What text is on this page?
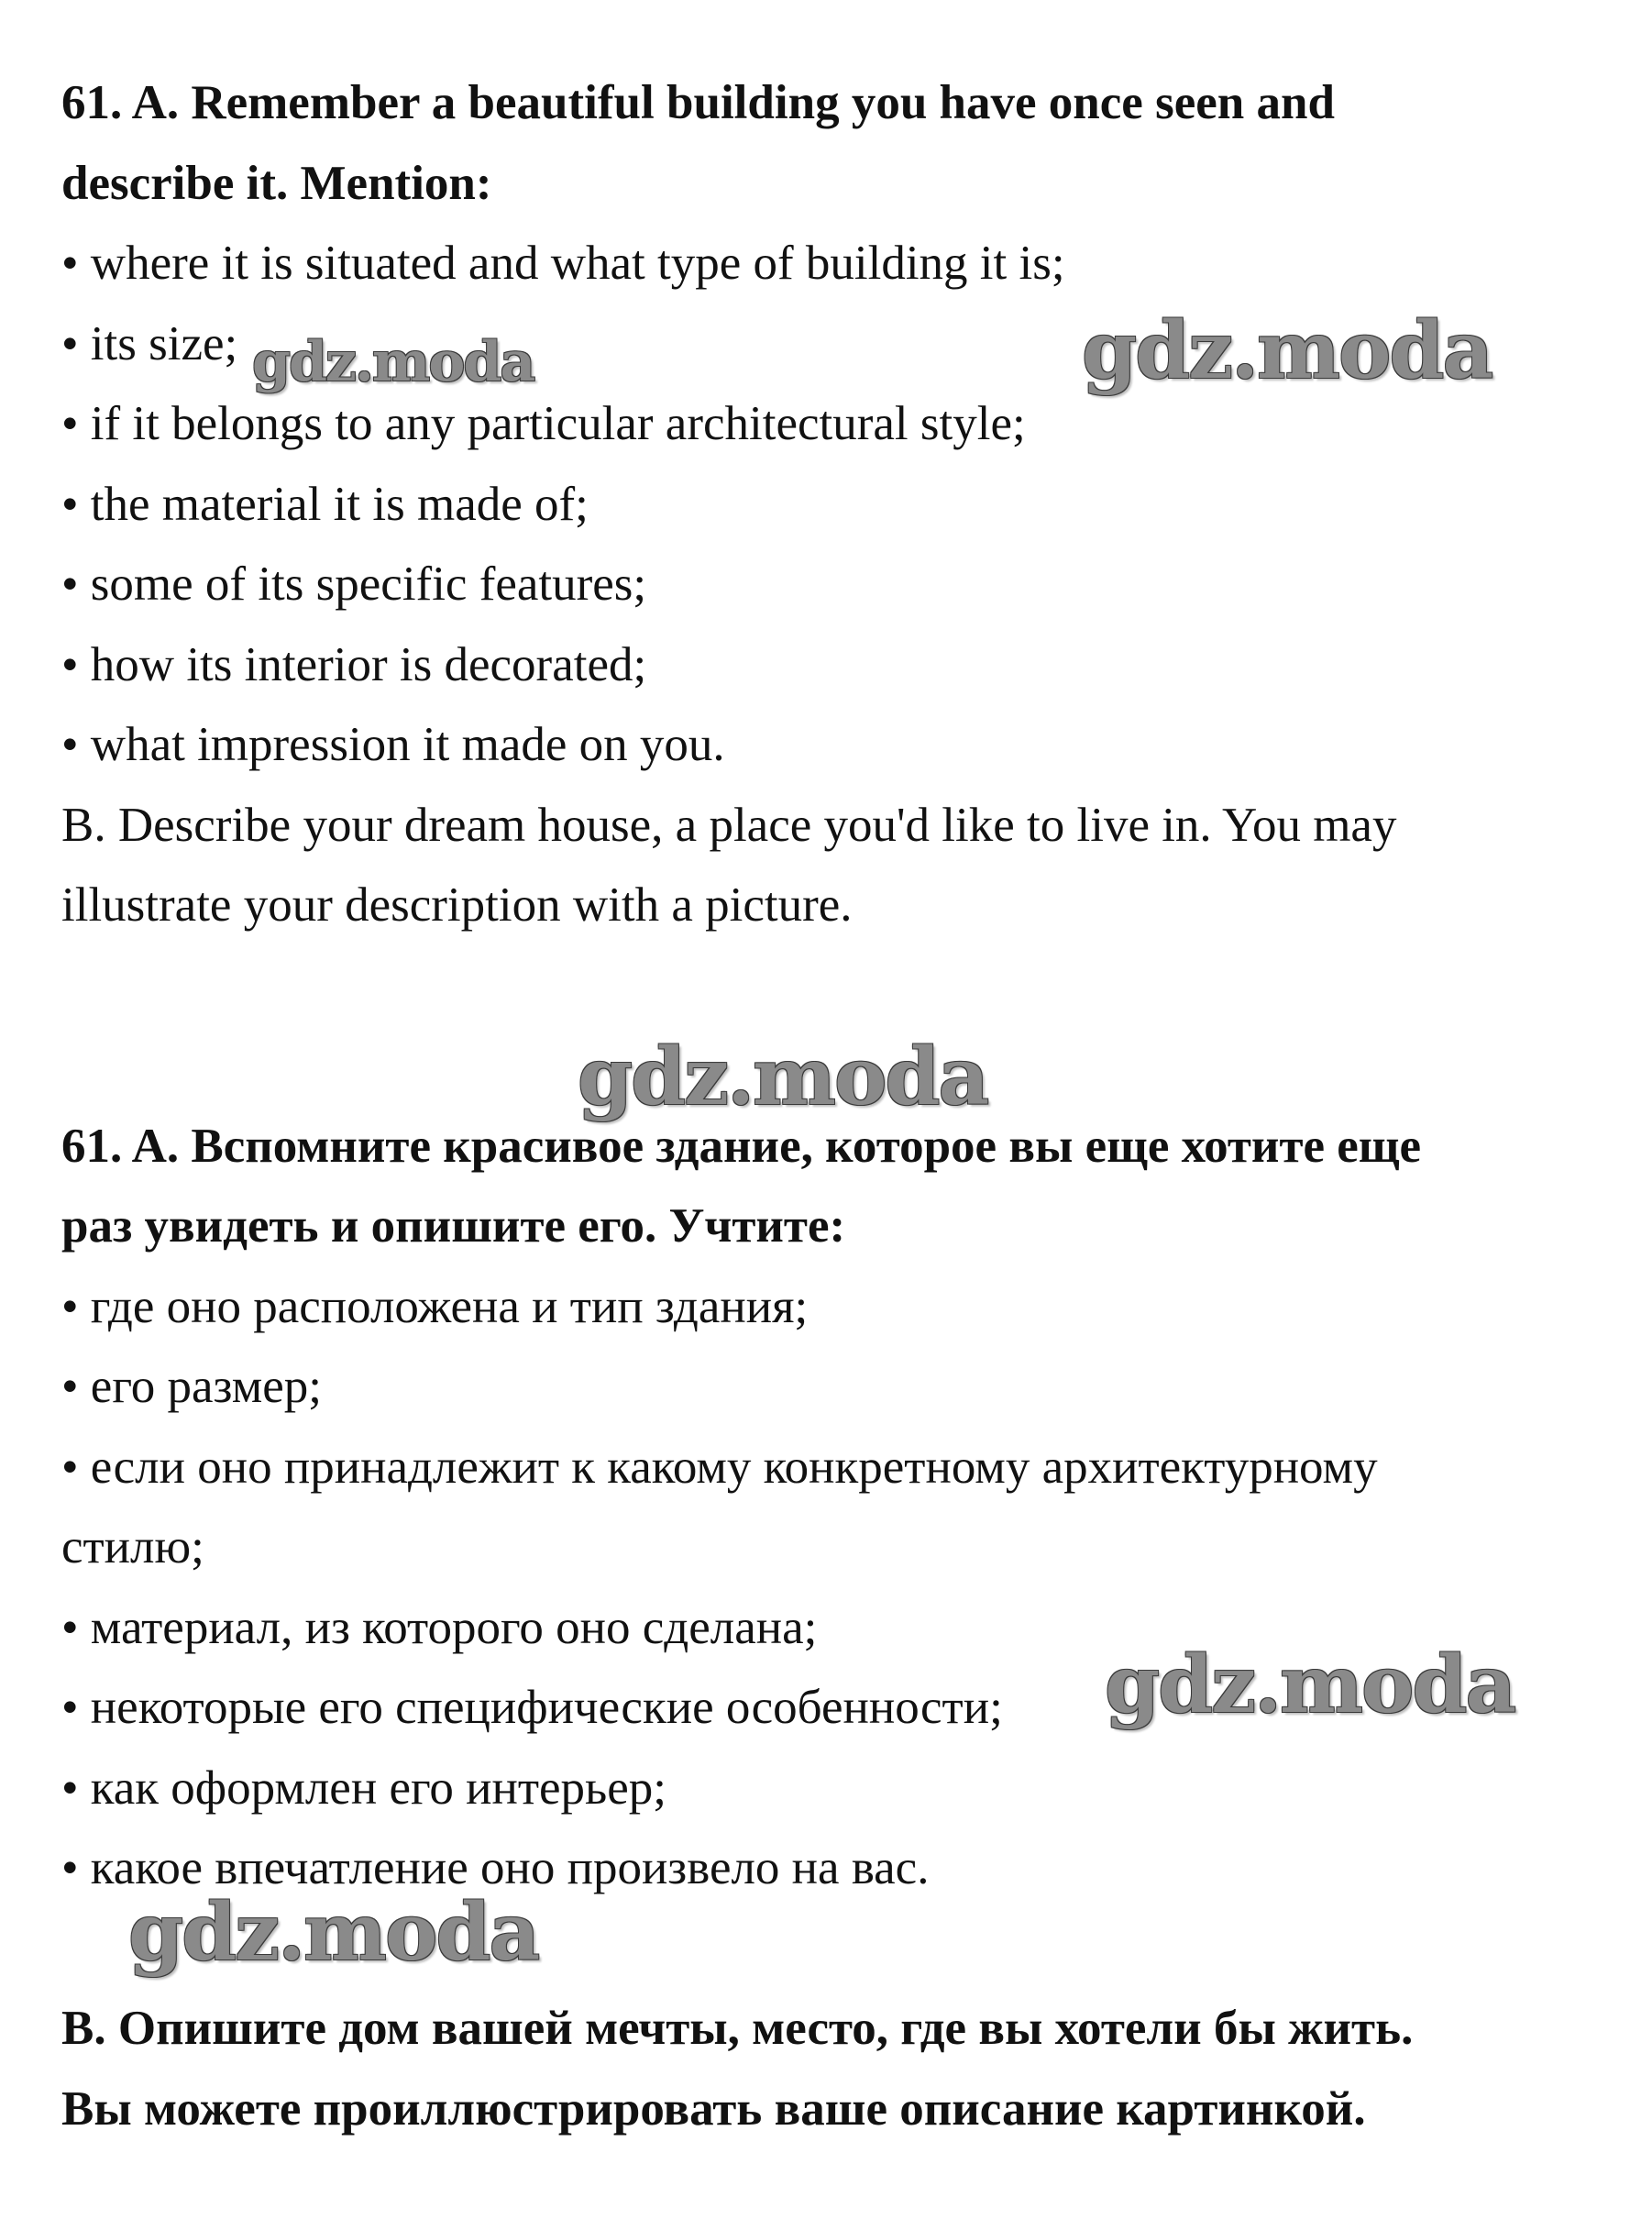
61. A. Remember a beautiful building you have once seen and
describe it. Mention:
• where it is situated and what type of building it is;
• its size;
• if it belongs to any particular architectural style;
• the material it is made of;
• some of its specific features;
• how its interior is decorated;
• what impression it made on you.
B. Describe your dream house, a place you'd like to live in. You may
illustrate your description with a picture.
61. A. Вспомните красивое здание, которое вы еще хотите еще
раз увидеть и опишите его. Учтите:
• где оно расположена и тип здания;
• его размер;
• если оно принадлежит к какому конкретному архитектурному
стилю;
• материал, из которого оно сделана;
• некоторые его специфические особенности;
• как оформлен его интерьер;
• какое впечатление оно произвело на вас.
B. Опишите дом вашей мечты, место, где вы хотели бы жить.
Вы можете проиллюстрировать ваше описание картинкой.
gdz.moda	gdz.moda
gdz.moda
gdz.moda
gdz.moda
